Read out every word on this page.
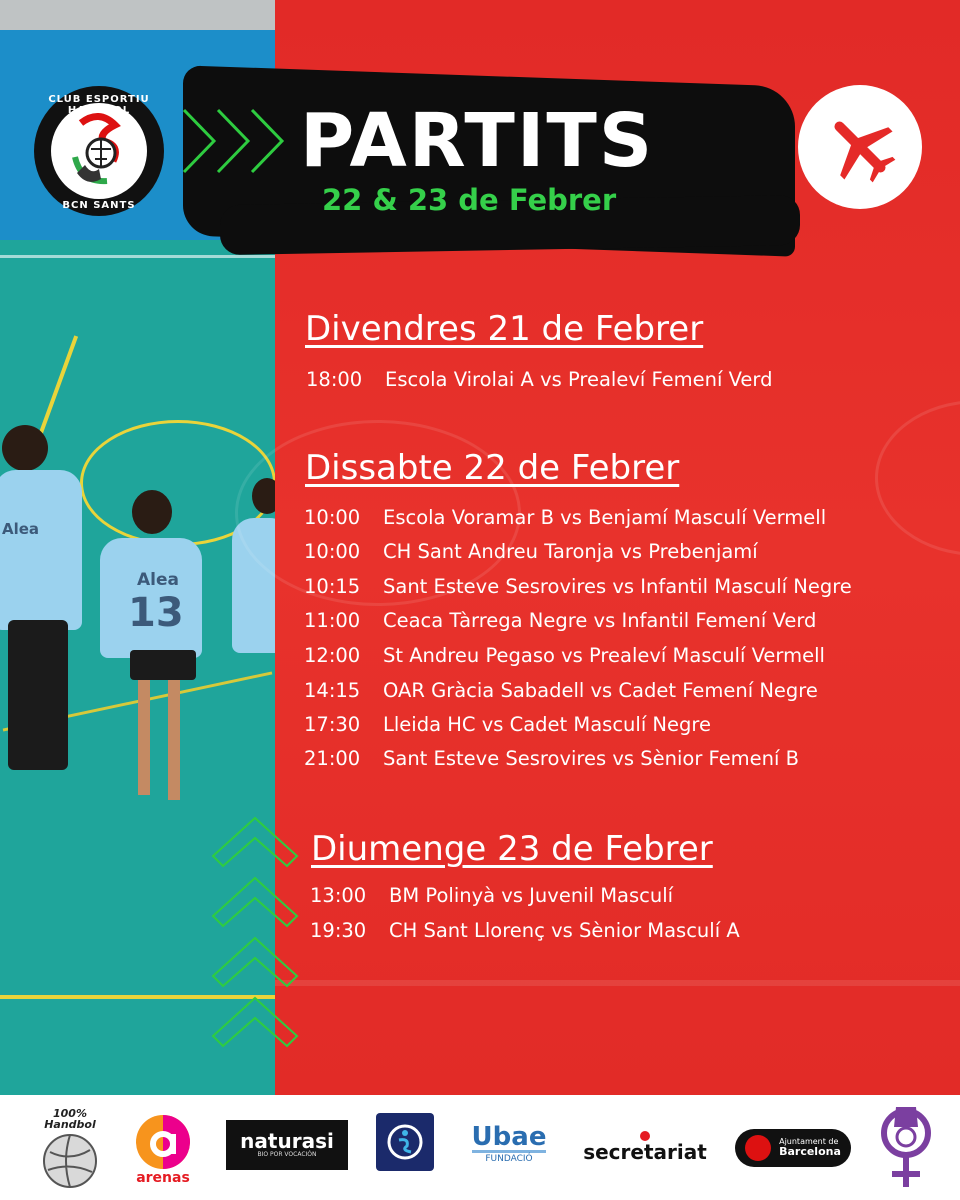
Alea
13
Alea
CLUB ESPORTIU HANDBOL
BCN SANTS
PARTITS
22 & 23 de Febrer
Divendres 21 de Febrer
18:00 Escola Virolai A vs Prealeví Femení Verd
Dissabte 22 de Febrer
10:00 Escola Voramar B vs Benjamí Masculí Vermell
10:00 CH Sant Andreu Taronja vs Prebenjamí
10:15 Sant Esteve Sesrovires vs Infantil Masculí Negre
11:00 Ceaca Tàrrega Negre vs Infantil Femení Verd
12:00 St Andreu Pegaso vs Prealeví Masculí Vermell
14:15 OAR Gràcia Sabadell vs Cadet Femení Negre
17:30 Lleida HC vs Cadet Masculí Negre
21:00 Sant Esteve Sesrovires vs Sènior Femení B
Diumenge 23 de Febrer
13:00 BM Polinyà vs Juvenil Masculí
19:30 CH Sant Llorenç vs Sènior Masculí A
100%
Handbol
arenas
naturasi
BIO POR VOCACIÓN
Ubae
FUNDACIÓ	secretariat	Ajuntament de
Barcelona
